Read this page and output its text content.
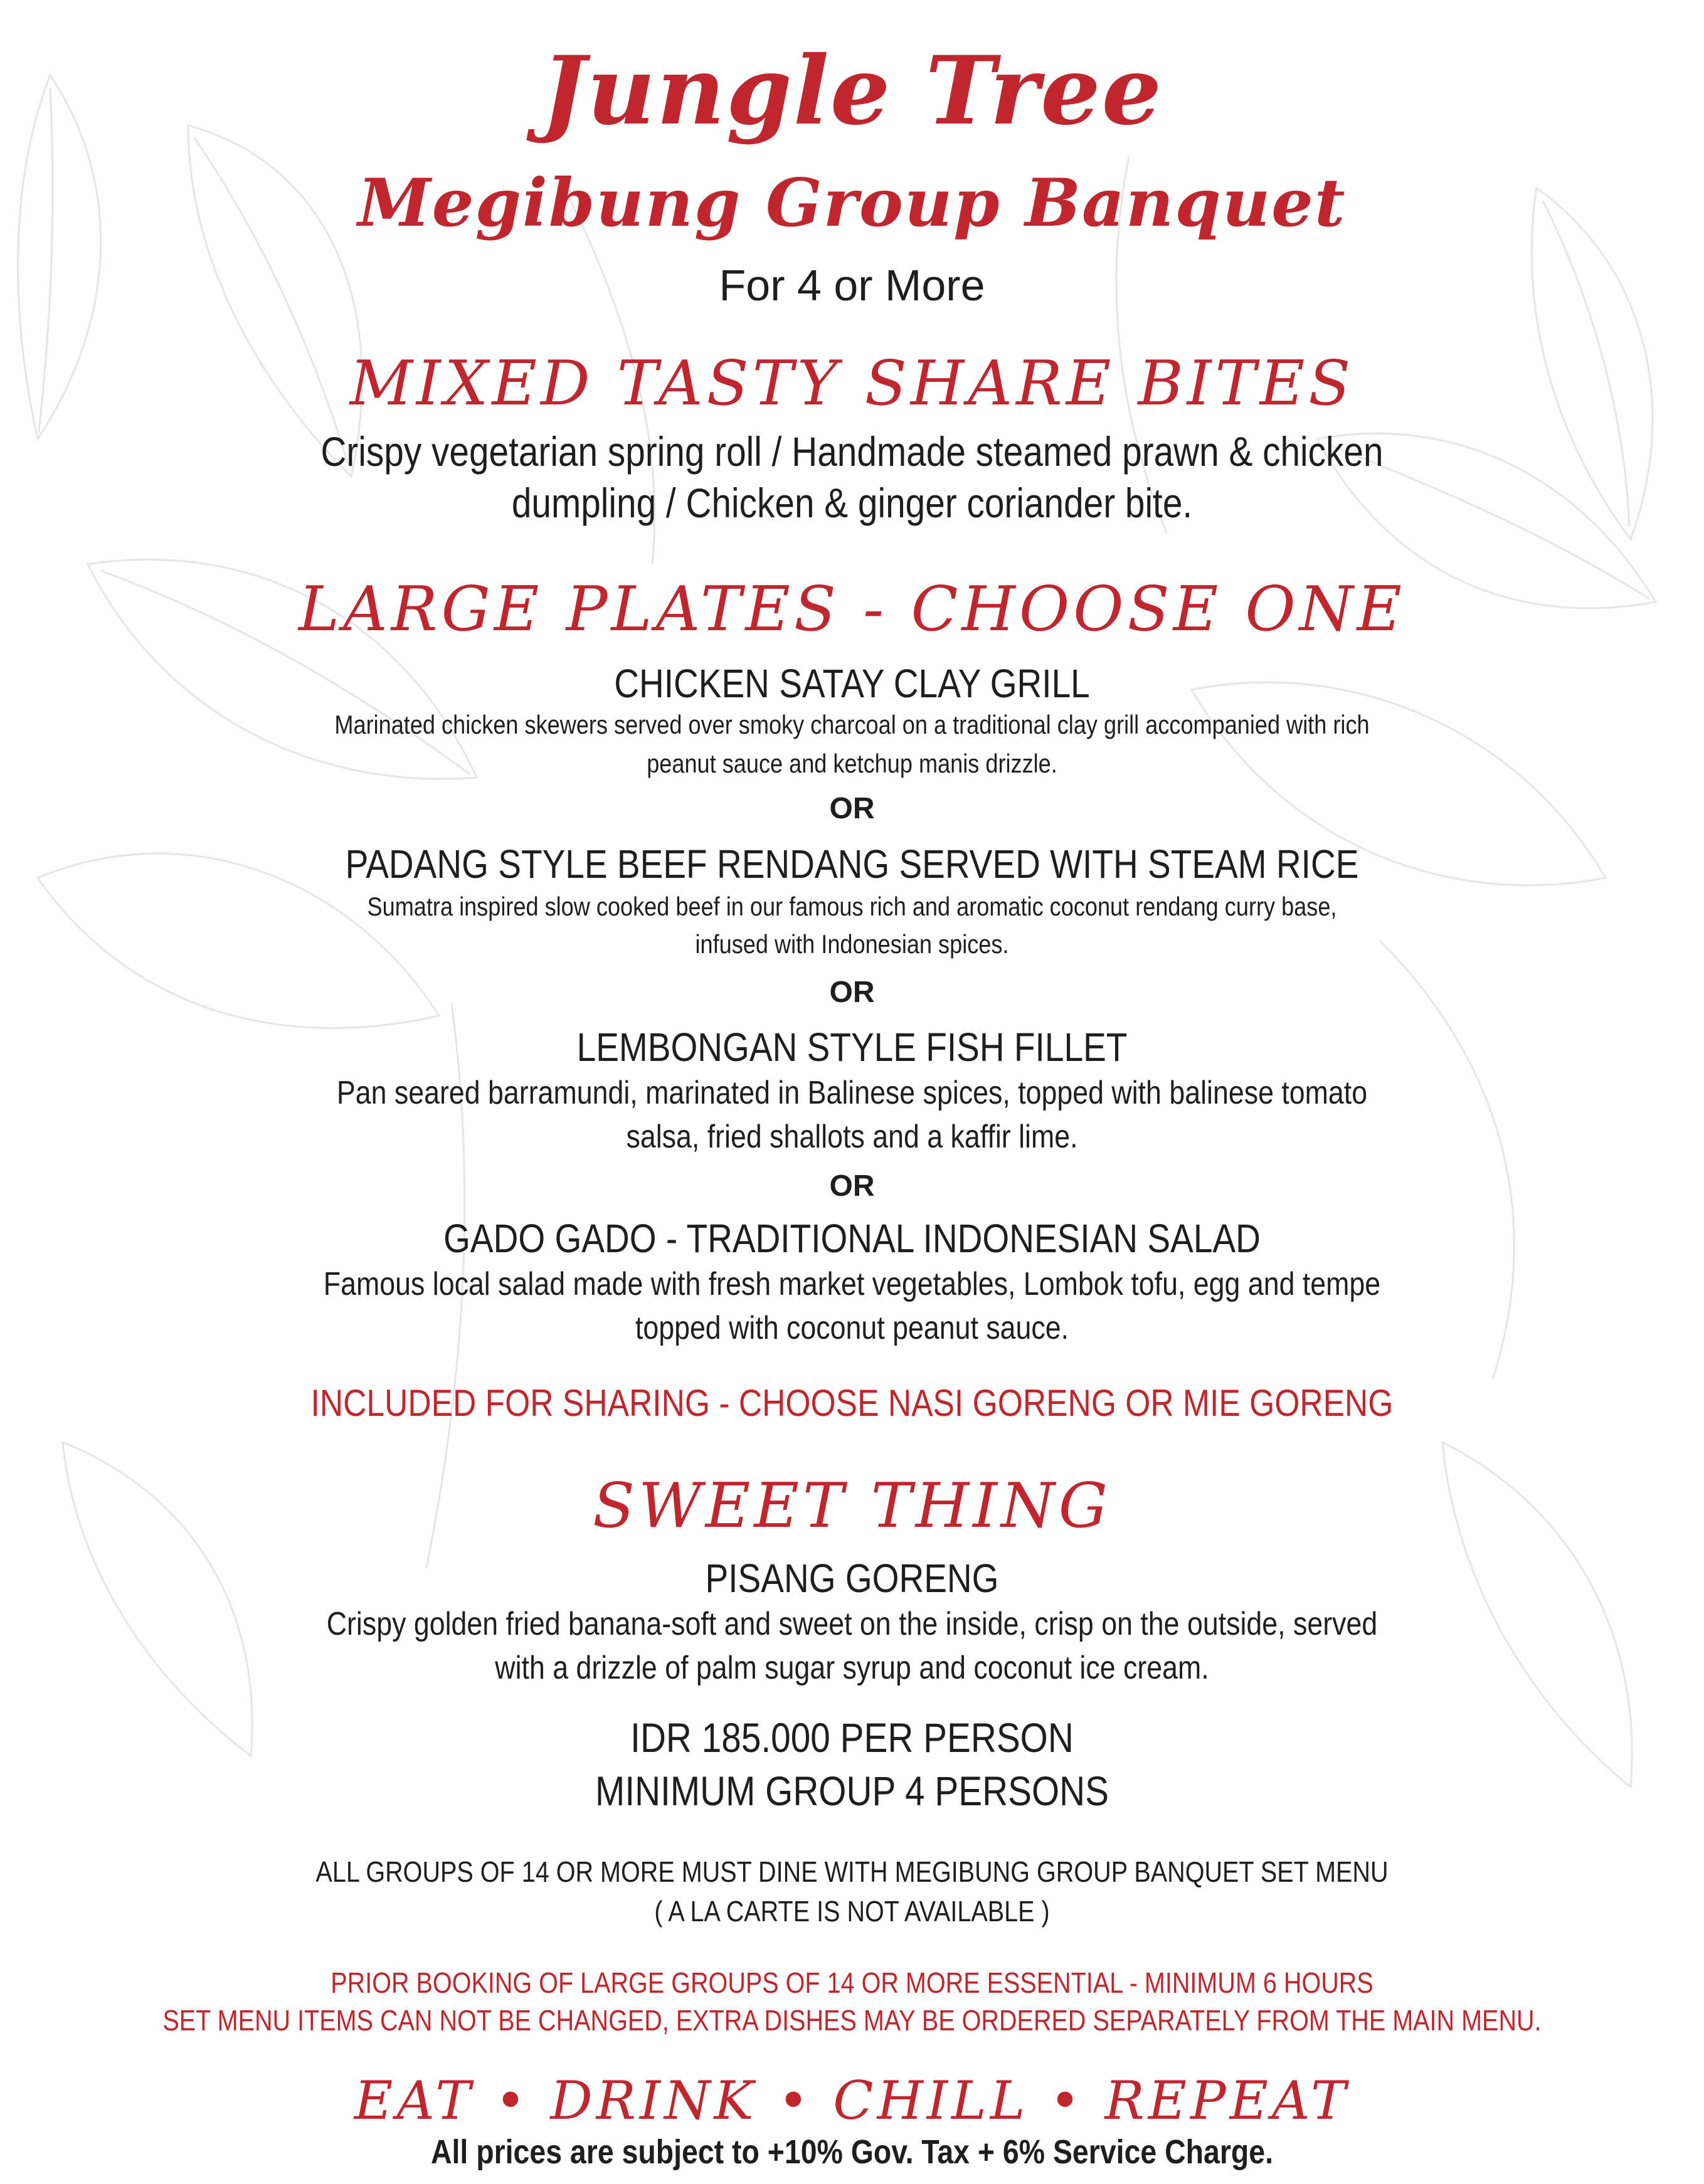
Jungle Tree
Megibung Group Banquet
For 4 or More
MIXED TASTY SHARE BITES
Crispy vegetarian spring roll / Handmade steamed prawn & chicken
dumpling / Chicken & ginger coriander bite.
LARGE PLATES - CHOOSE ONE
CHICKEN SATAY CLAY GRILL
Marinated chicken skewers served over smoky charcoal on a traditional clay grill accompanied with rich
peanut sauce and ketchup manis drizzle.
OR
PADANG STYLE BEEF RENDANG SERVED WITH STEAM RICE
Sumatra inspired slow cooked beef in our famous rich and aromatic coconut rendang curry base,
infused with Indonesian spices.
OR
LEMBONGAN STYLE FISH FILLET
Pan seared barramundi, marinated in Balinese spices, topped with balinese tomato
salsa, fried shallots and a kaffir lime.
OR
GADO GADO - TRADITIONAL INDONESIAN SALAD
Famous local salad made with fresh market vegetables, Lombok tofu, egg and tempe
topped with coconut peanut sauce.
INCLUDED FOR SHARING - CHOOSE NASI GORENG OR MIE GORENG
SWEET THING
PISANG GORENG
Crispy golden fried banana-soft and sweet on the inside, crisp on the outside, served
with a drizzle of palm sugar syrup and coconut ice cream.
IDR 185.000 PER PERSON
MINIMUM GROUP 4 PERSONS
ALL GROUPS OF 14 OR MORE MUST DINE WITH MEGIBUNG GROUP BANQUET SET MENU
( A LA CARTE IS NOT AVAILABLE )
PRIOR BOOKING OF LARGE GROUPS OF 14 OR MORE ESSENTIAL - MINIMUM 6 HOURS
SET MENU ITEMS CAN NOT BE CHANGED, EXTRA DISHES MAY BE ORDERED SEPARATELY FROM THE MAIN MENU.
EAT • DRINK • CHILL • REPEAT
All prices are subject to +10% Gov. Tax + 6% Service Charge.
